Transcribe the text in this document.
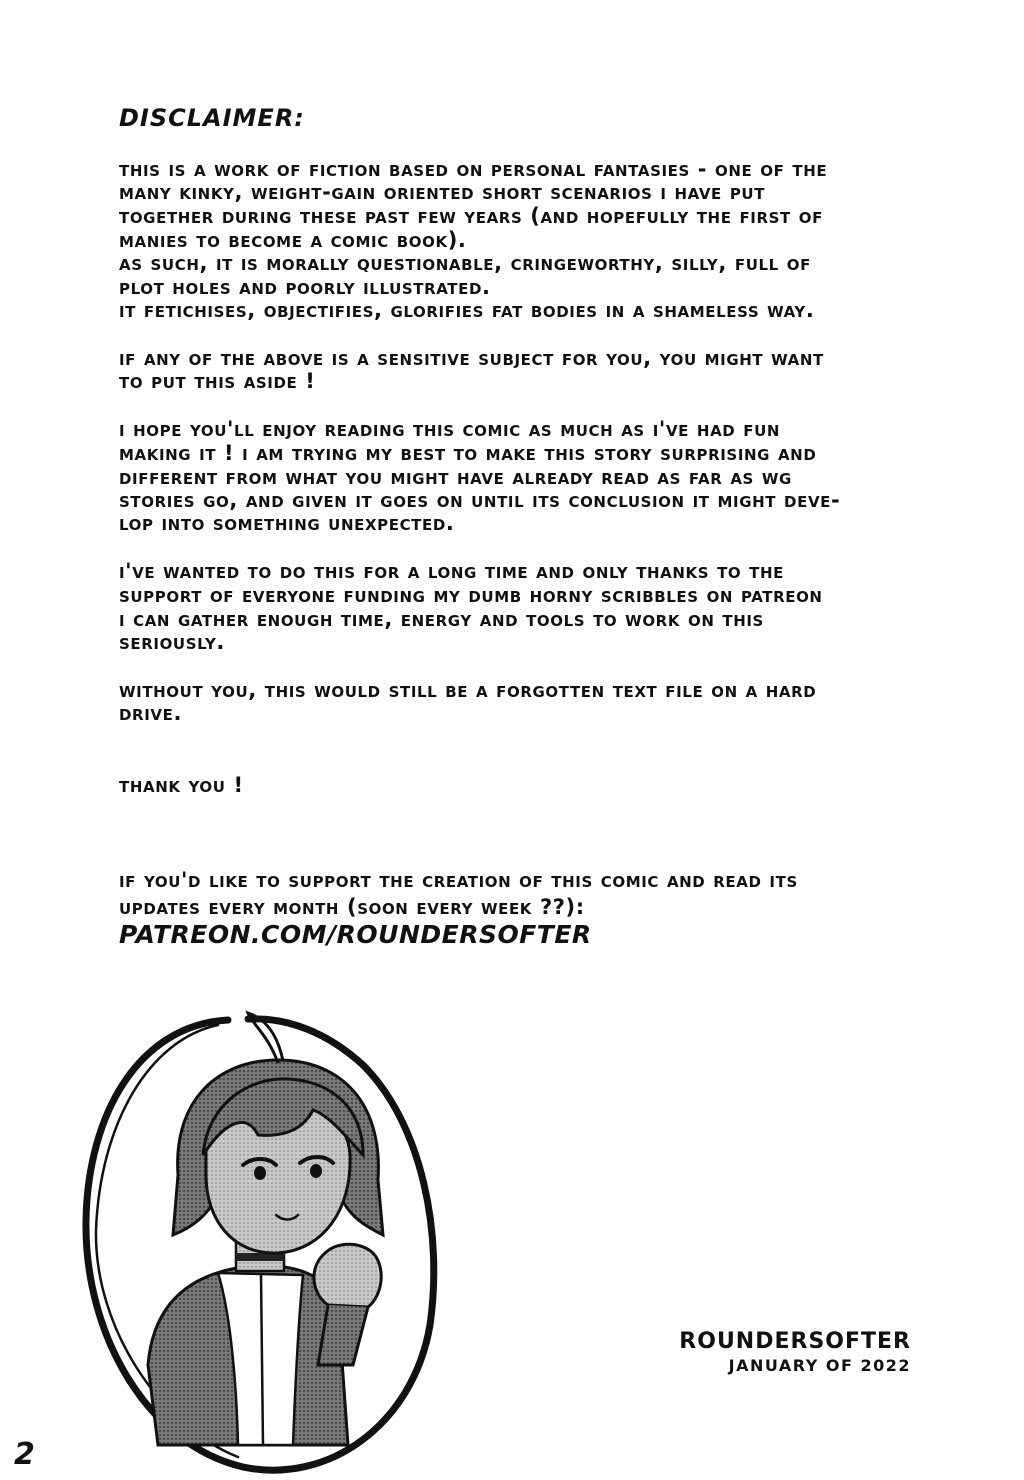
DISCLAIMER:
this is a work of fiction based on personal fantasies - one of the
many kinky, weight-gain oriented short scenarios i have put
together during these past few years (and hopefully the first of
manies to become a comic book).
as such, it is morally questionable, cringeworthy, silly, full of
plot holes and poorly illustrated.
it fetichises, objectifies, glorifies fat bodies in a shameless way.
if any of the above is a sensitive subject for you, you might want
to put this aside !
i hope you'll enjoy reading this comic as much as i've had fun
making it ! i am trying my best to make this story surprising and
different from what you might have already read as far as wg
stories go, and given it goes on until its conclusion it might deve-
lop into something unexpected.
i've wanted to do this for a long time and only thanks to the
support of everyone funding my dumb horny scribbles on patreon
i can gather enough time, energy and tools to work on this
seriously.
without you, this would still be a forgotten text file on a hard
drive.
thank you !
if you'd like to support the creation of this comic and read its
updates every month (soon every week ??):
PATREON.COM/ROUNDERSOFTER
ROUNDERSOFTER
JANUARY OF 2022
2
